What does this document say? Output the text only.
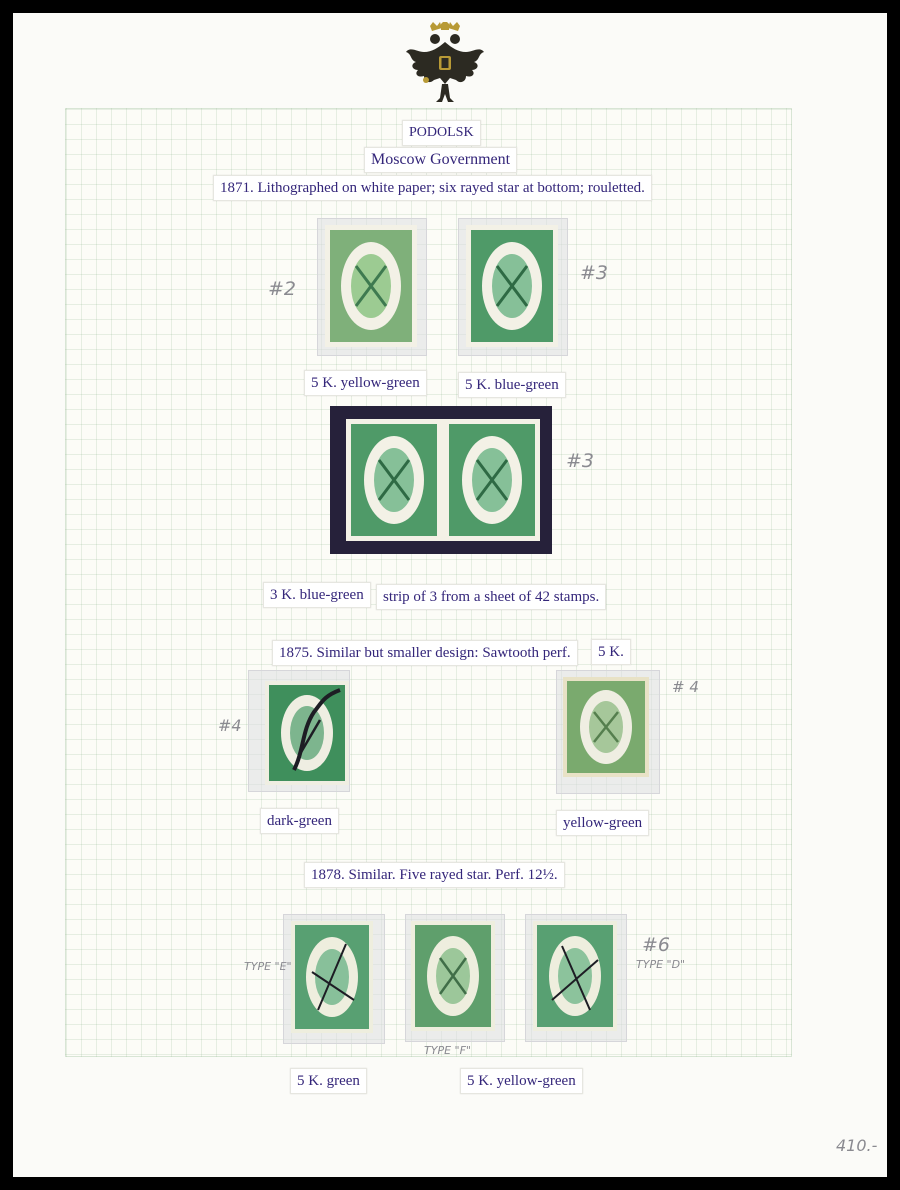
PODOLSK
Moscow Government
1871. Lithographed on white paper; six rayed star at bottom; rouletted.
#2
#3
5 K. yellow-green	5 K. blue-green
#3
3 K. blue-green	strip of 3 from a sheet of 42 stamps.
1875. Similar but smaller design: Sawtooth perf.	5 K.
#4
# 4
dark-green	yellow-green
1878. Similar. Five rayed star. Perf. 12½.
TYPE "E"
TYPE "F"
#6
TYPE "D"
5 K. green	5 K. yellow-green
410.-
